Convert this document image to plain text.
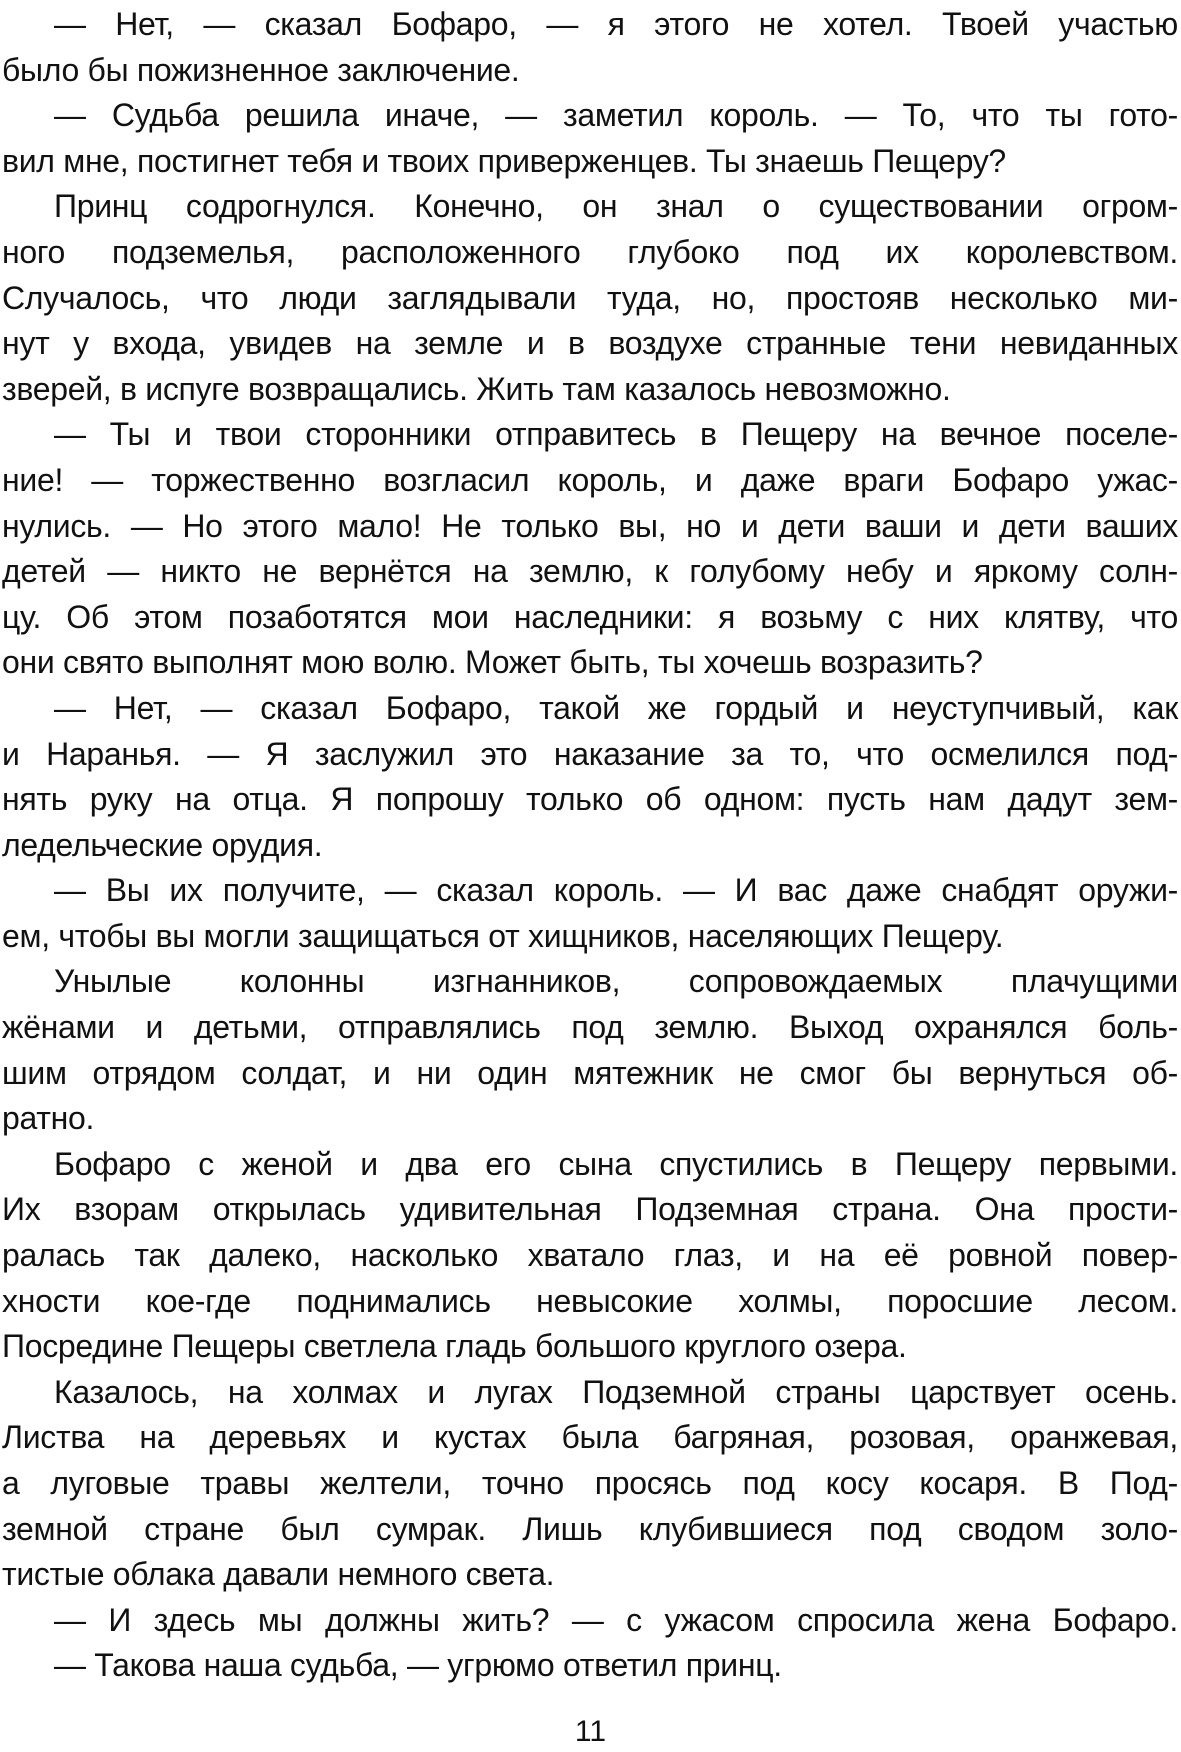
— Нет, — сказал Бофаро, — я этого не хотел. Твоей участью
было бы пожизненное заключение.
— Судьба решила иначе, — заметил король. — То, что ты гото-
вил мне, постигнет тебя и твоих приверженцев. Ты знаешь Пещеру?
Принц содрогнулся. Конечно, он знал о существовании огром-
ного подземелья, расположенного глубоко под их королевством.
Случалось, что люди заглядывали туда, но, простояв несколько ми-
нут у входа, увидев на земле и в воздухе странные тени невиданных
зверей, в испуге возвращались. Жить там казалось невозможно.
— Ты и твои сторонники отправитесь в Пещеру на вечное поселе-
ние! — торжественно возгласил король, и даже враги Бофаро ужас-
нулись. — Но этого мало! Не только вы, но и дети ваши и дети ваших
детей — никто не вернётся на землю, к голубому небу и яркому солн-
цу. Об этом позаботятся мои наследники: я возьму с них клятву, что
они свято выполнят мою волю. Может быть, ты хочешь возразить?
— Нет, — сказал Бофаро, такой же гордый и неуступчивый, как
и Наранья. — Я заслужил это наказание за то, что осмелился под-
нять руку на отца. Я попрошу только об одном: пусть нам дадут зем-
ледельческие орудия.
— Вы их получите, — сказал король. — И вас даже снабдят оружи-
ем, чтобы вы могли защищаться от хищников, населяющих Пещеру.
Унылые колонны изгнанников, сопровождаемых плачущими
жёнами и детьми, отправлялись под землю. Выход охранялся боль-
шим отрядом солдат, и ни один мятежник не смог бы вернуться об-
ратно.
Бофаро с женой и два его сына спустились в Пещеру первыми.
Их взорам открылась удивительная Подземная страна. Она прости-
ралась так далеко, насколько хватало глаз, и на её ровной повер-
хности кое-где поднимались невысокие холмы, поросшие лесом.
Посредине Пещеры светлела гладь большого круглого озера.
Казалось, на холмах и лугах Подземной страны царствует осень.
Листва на деревьях и кустах была багряная, розовая, оранжевая,
а луговые травы желтели, точно просясь под косу косаря. В Под-
земной стране был сумрак. Лишь клубившиеся под сводом золо-
тистые облака давали немного света.
— И здесь мы должны жить? — с ужасом спросила жена Бофаро.
— Такова наша судьба, — угрюмо ответил принц.
11
